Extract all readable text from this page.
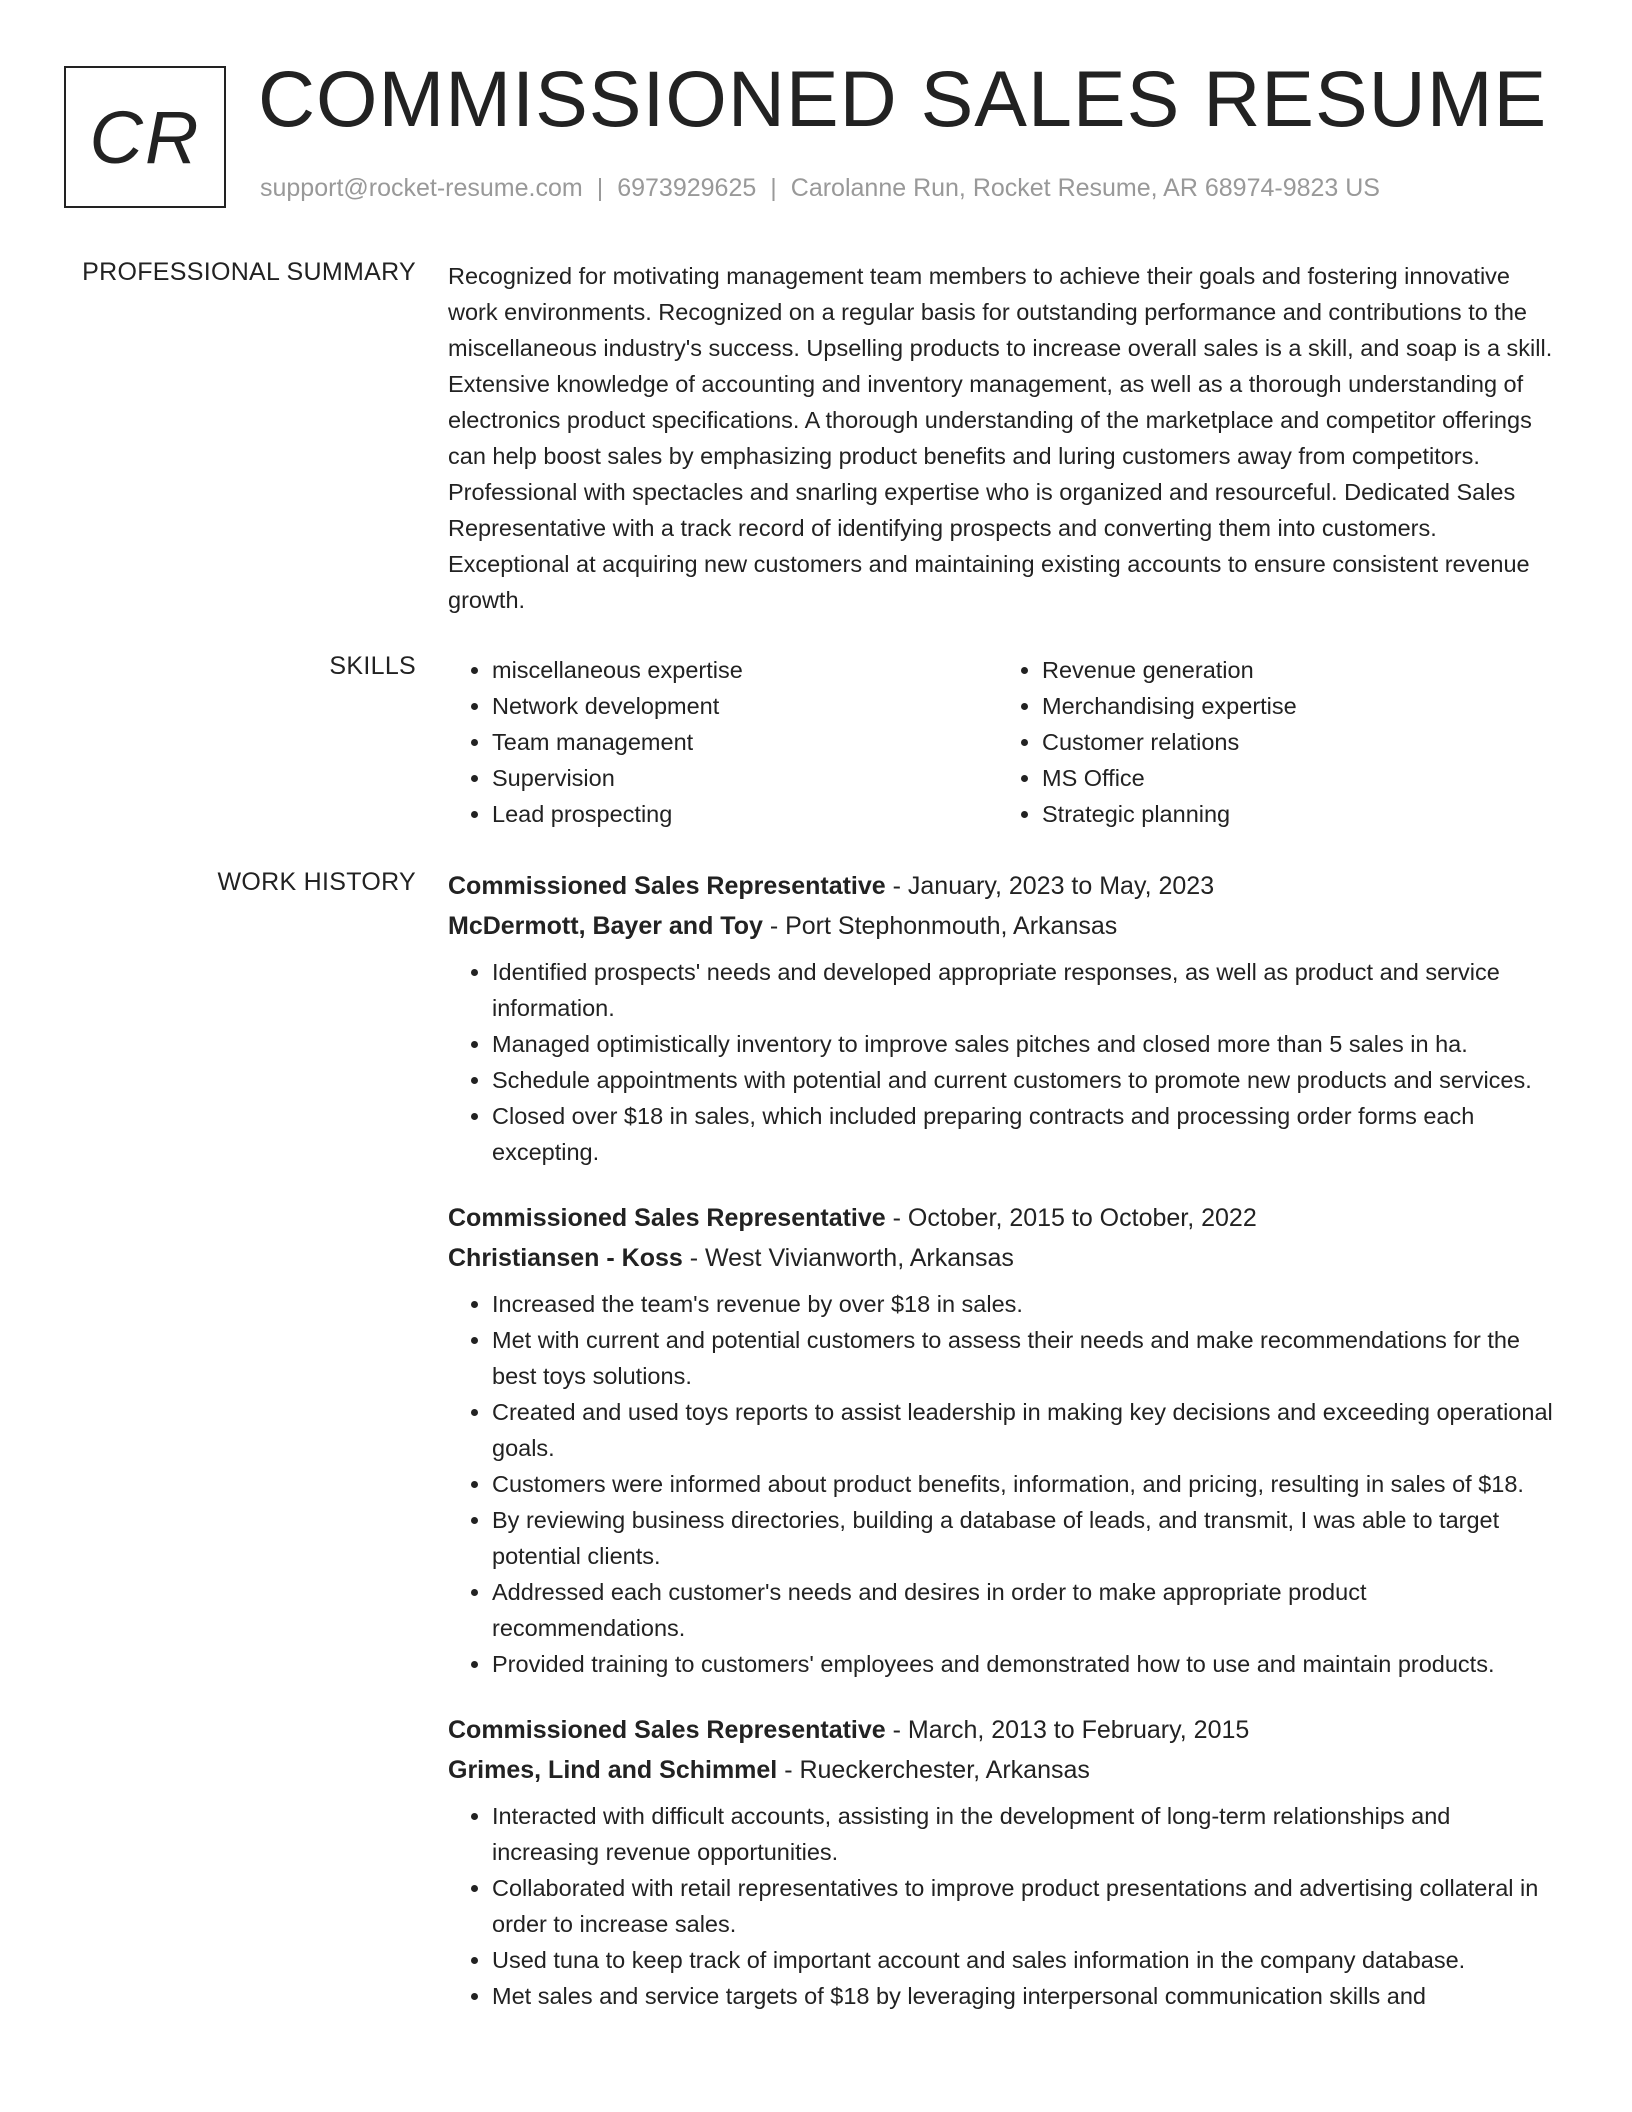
CR COMMISSIONED SALES RESUME
support@rocket-resume.com | 6973929625 | Carolanne Run, Rocket Resume, AR 68974-9823 US
PROFESSIONAL SUMMARY Recognized for motivating management team members to achieve their goals and fostering innovative work environments. Recognized on a regular basis for outstanding performance and contributions to the miscellaneous industry's success. Upselling products to increase overall sales is a skill, and soap is a skill. Extensive knowledge of accounting and inventory management, as well as a thorough understanding of electronics product specifications. A thorough understanding of the marketplace and competitor offerings can help boost sales by emphasizing product benefits and luring customers away from competitors. Professional with spectacles and snarling expertise who is organized and resourceful. Dedicated Sales Representative with a track record of identifying prospects and converting them into customers. Exceptional at acquiring new customers and maintaining existing accounts to ensure consistent revenue growth.

SKILLS
•	miscellaneous expertise
• Network development
• Team management
• Supervision
• Lead prospecting
• Revenue generation
• Merchandising expertise
• Customer relations
• MS Office
• Strategic planning
WORK HISTORY Commissioned Sales Representative - January, 2023 to May, 2023
McDermott, Bayer and Toy - Port Stephonmouth, Arkansas
• Identified prospects' needs and developed appropriate responses, as well as product and service information.
• Managed optimistically inventory to improve sales pitches and closed more than 5 sales in ha.
• Schedule appointments with potential and current customers to promote new products and services.
• Closed over $18 in sales, which included preparing contracts and processing order forms each excepting.
Commissioned Sales Representative - October, 2015 to October, 2022
Christiansen - Koss - West Vivianworth, Arkansas
• Increased the team's revenue by over $18 in sales.
• Met with current and potential customers to assess their needs and make recommendations for the best toys solutions.
• Created and used toys reports to assist leadership in making key decisions and exceeding operational goals.
• Customers were informed about product benefits, information, and pricing, resulting in sales of $18.
• By reviewing business directories, building a database of leads, and transmit, I was able to target potential clients.
• Addressed each customer's needs and desires in order to make appropriate product recommendations.
• Provided training to customers' employees and demonstrated how to use and maintain products.
Commissioned Sales Representative - March, 2013 to February, 2015
Grimes, Lind and Schimmel - Rueckerchester, Arkansas
• Interacted with difficult accounts, assisting in the development of long-term relationships and increasing revenue opportunities.
• Collaborated with retail representatives to improve product presentations and advertising collateral in order to increase sales.
• Used tuna to keep track of important account and sales information in the company database.
• Met sales and service targets of $18 by leveraging interpersonal communication skills and
